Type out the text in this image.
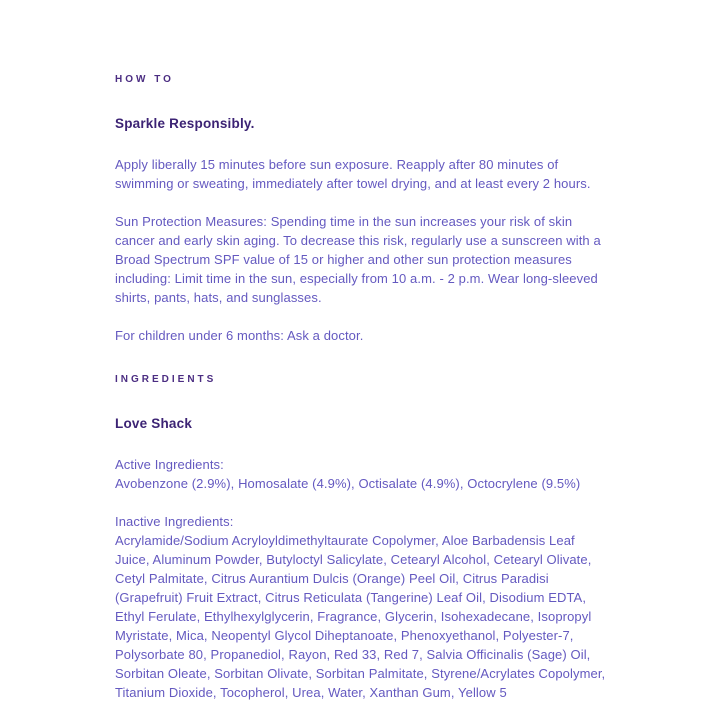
HOW TO
Sparkle Responsibly.

Apply liberally 15 minutes before sun exposure. Reapply after 80 minutes of swimming or sweating, immediately after towel drying, and at least every 2 hours.

Sun Protection Measures: Spending time in the sun increases your risk of skin cancer and early skin aging. To decrease this risk, regularly use a sunscreen with a Broad Spectrum SPF value of 15 or higher and other sun protection measures including: Limit time in the sun, especially from 10 a.m. - 2 p.m. Wear long-sleeved shirts, pants, hats, and sunglasses.

For children under 6 months: Ask a doctor.

INGREDIENTS
Love Shack

Active Ingredients:
Avobenzone (2.9%), Homosalate (4.9%), Octisalate (4.9%), Octocrylene (9.5%)

Inactive Ingredients:
Acrylamide/Sodium Acryloyldimethyltaurate Copolymer, Aloe Barbadensis Leaf Juice, Aluminum Powder, Butyloctyl Salicylate, Cetearyl Alcohol, Cetearyl Olivate, Cetyl Palmitate, Citrus Aurantium Dulcis (Orange) Peel Oil, Citrus Paradisi (Grapefruit) Fruit Extract, Citrus Reticulata (Tangerine) Leaf Oil, Disodium EDTA, Ethyl Ferulate, Ethylhexylglycerin, Fragrance, Glycerin, Isohexadecane, Isopropyl Myristate, Mica, Neopentyl Glycol Diheptanoate, Phenoxyethanol, Polyester-7, Polysorbate 80, Propanediol, Rayon, Red 33, Red 7, Salvia Officinalis (Sage) Oil, Sorbitan Oleate, Sorbitan Olivate, Sorbitan Palmitate, Styrene/Acrylates Copolymer, Titanium Dioxide, Tocopherol, Urea, Water, Xanthan Gum, Yellow 5
